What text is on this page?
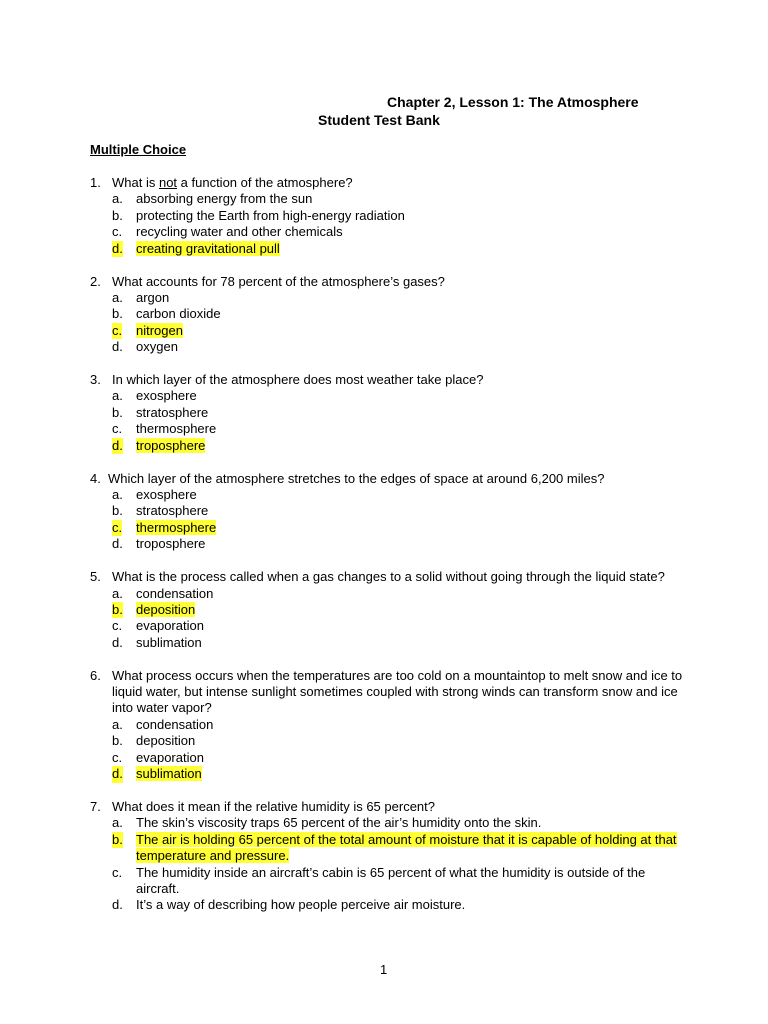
Chapter 2, Lesson 1: The Atmosphere
Student Test Bank
Multiple Choice
1. What is not a function of the atmosphere?
a. absorbing energy from the sun
b. protecting the Earth from high-energy radiation
c. recycling water and other chemicals
d. creating gravitational pull
2. What accounts for 78 percent of the atmosphere’s gases?
a. argon
b. carbon dioxide
c. nitrogen
d. oxygen
3. In which layer of the atmosphere does most weather take place?
a. exosphere
b. stratosphere
c. thermosphere
d. troposphere
4. Which layer of the atmosphere stretches to the edges of space at around 6,200 miles?
a. exosphere
b. stratosphere
c. thermosphere
d. troposphere
5. What is the process called when a gas changes to a solid without going through the liquid state?
a. condensation
b. deposition
c. evaporation
d. sublimation
6. What process occurs when the temperatures are too cold on a mountaintop to melt snow and ice to liquid water, but intense sunlight sometimes coupled with strong winds can transform snow and ice into water vapor?
a. condensation
b. deposition
c. evaporation
d. sublimation
7. What does it mean if the relative humidity is 65 percent?
a. The skin’s viscosity traps 65 percent of the air’s humidity onto the skin.
b. The air is holding 65 percent of the total amount of moisture that it is capable of holding at that temperature and pressure.
c. The humidity inside an aircraft’s cabin is 65 percent of what the humidity is outside of the aircraft.
d. It’s a way of describing how people perceive air moisture.
1
